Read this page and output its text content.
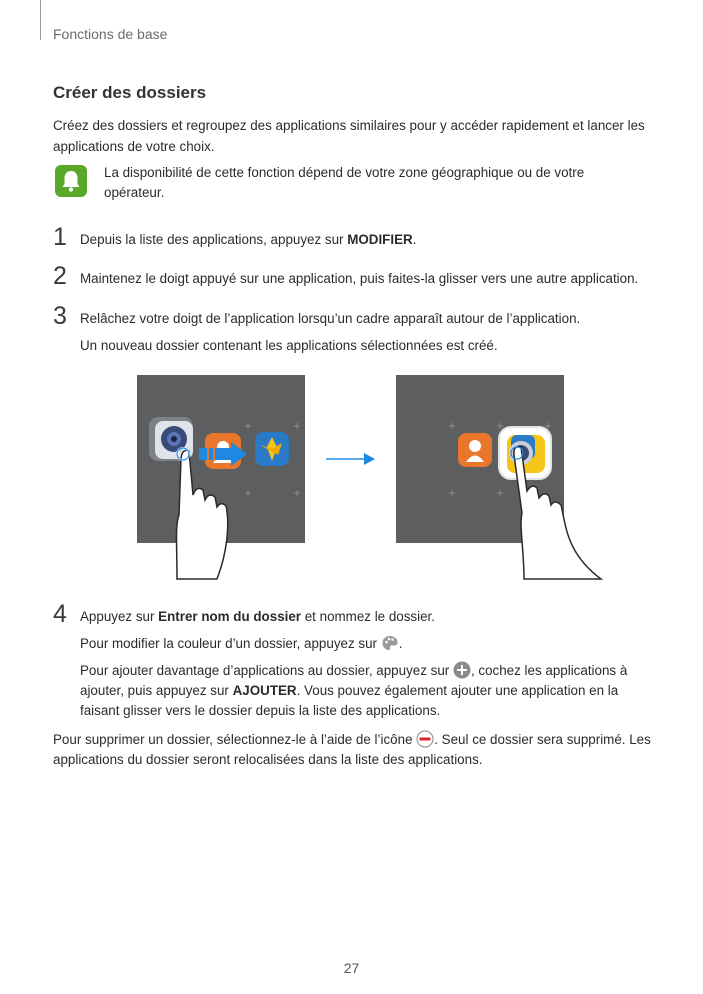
Fonctions de base
Créer des dossiers

Créez des dossiers et regroupez des applications similaires pour y accéder rapidement et lancer les applications de votre choix.

La disponibilité de cette fonction dépend de votre zone géographique ou de votre opérateur.

1 Depuis la liste des applications, appuyez sur MODIFIER.
2 Maintenez le doigt appuyé sur une application, puis faites-la glisser vers une autre application.
3 Relâchez votre doigt de l’application lorsqu’un cadre apparaît autour de l’application.
Un nouveau dossier contenant les applications sélectionnées est créé.
4 Appuyez sur Entrer nom du dossier et nommez le dossier.
Pour modifier la couleur d’un dossier, appuyez sur .
Pour ajouter davantage d’applications au dossier, appuyez sur , cochez les applications à ajouter, puis appuyez sur AJOUTER. Vous pouvez également ajouter une application en la faisant glisser vers le dossier depuis la liste des applications.
Pour supprimer un dossier, sélectionnez-le à l’aide de l’icône . Seul ce dossier sera supprimé. Les applications du dossier seront relocalisées dans la liste des applications.
27
